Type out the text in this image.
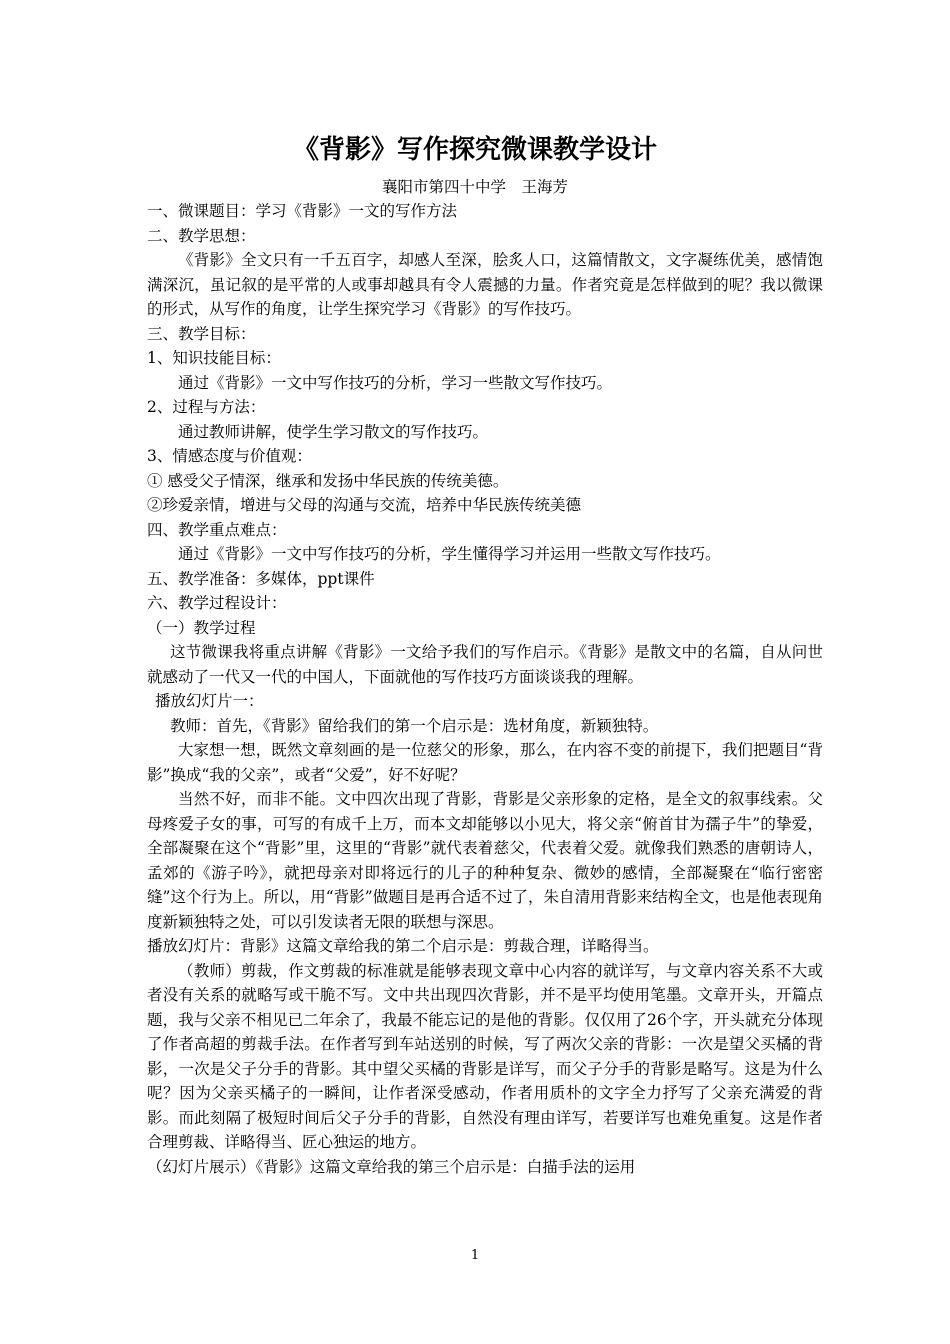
《背影》写作探究微课教学设计
襄阳市第四十中学　王海芳

一、微课题目：学习《背影》一文的写作方法

二、教学思想：

《背影》全文只有一千五百字，却感人至深，脍炙人口，这篇情散文，文字凝练优美，感情饱满深沉，虽记叙的是平常的人或事却越具有令人震撼的力量。作者究竟是怎样做到的呢？我以微课的形式，从写作的角度，让学生探究学习《背影》的写作技巧。

三、教学目标：

1、知识技能目标：

通过《背影》一文中写作技巧的分析，学习一些散文写作技巧。

2、过程与方法：

通过教师讲解，使学生学习散文的写作技巧。

3、情感态度与价值观：

① 感受父子情深，继承和发扬中华民族的传统美德。

②珍爱亲情，增进与父母的沟通与交流，培养中华民族传统美德

四、教学重点难点：

通过《背影》一文中写作技巧的分析，学生懂得学习并运用一些散文写作技巧。

五、教学准备：多媒体，ppt课件

六、教学过程设计：

（一）教学过程

这节微课我将重点讲解《背影》一文给予我们的写作启示。《背影》是散文中的名篇，自从问世就感动了一代又一代的中国人，下面就他的写作技巧方面谈谈我的理解。

播放幻灯片一：

教师：首先，《背影》留给我们的第一个启示是：选材角度，新颖独特。

大家想一想，既然文章刻画的是一位慈父的形象，那么，在内容不变的前提下，我们把题目“背影”换成“我的父亲”，或者“父爱”，好不好呢？

当然不好，而非不能。文中四次出现了背影，背影是父亲形象的定格，是全文的叙事线索。父母疼爱子女的事，可写的有成千上万，而本文却能够以小见大，将父亲“俯首甘为孺子牛”的挚爱，全部凝聚在这个“背影”里，这里的“背影”就代表着慈父，代表着父爱。就像我们熟悉的唐朝诗人，孟郊的《游子吟》，就把母亲对即将远行的儿子的种种复杂、微妙的感情，全部凝聚在“临行密密缝”这个行为上。所以，用“背影”做题目是再合适不过了，朱自清用背影来结构全文，也是他表现角度新颖独特之处，可以引发读者无限的联想与深思。

播放幻灯片：背影》这篇文章给我的第二个启示是：剪裁合理，详略得当。

（教师）剪裁，作文剪裁的标准就是能够表现文章中心内容的就详写，与文章内容关系不大或者没有关系的就略写或干脆不写。文中共出现四次背影，并不是平均使用笔墨。文章开头，开篇点题，我与父亲不相见已二年余了，我最不能忘记的是他的背影。仅仅用了26个字，开头就充分体现了作者高超的剪裁手法。在作者写到车站送别的时候，写了两次父亲的背影：一次是望父买橘的背影，一次是父子分手的背影。其中望父买橘的背影是详写，而父子分手的背影是略写。这是为什么呢？因为父亲买橘子的一瞬间，让作者深受感动，作者用质朴的文字全力抒写了父亲充满爱的背影。而此刻隔了极短时间后父子分手的背影，自然没有理由详写，若要详写也难免重复。这是作者合理剪裁、详略得当、匠心独运的地方。

（幻灯片展示）《背影》这篇文章给我的第三个启示是：白描手法的运用

1
